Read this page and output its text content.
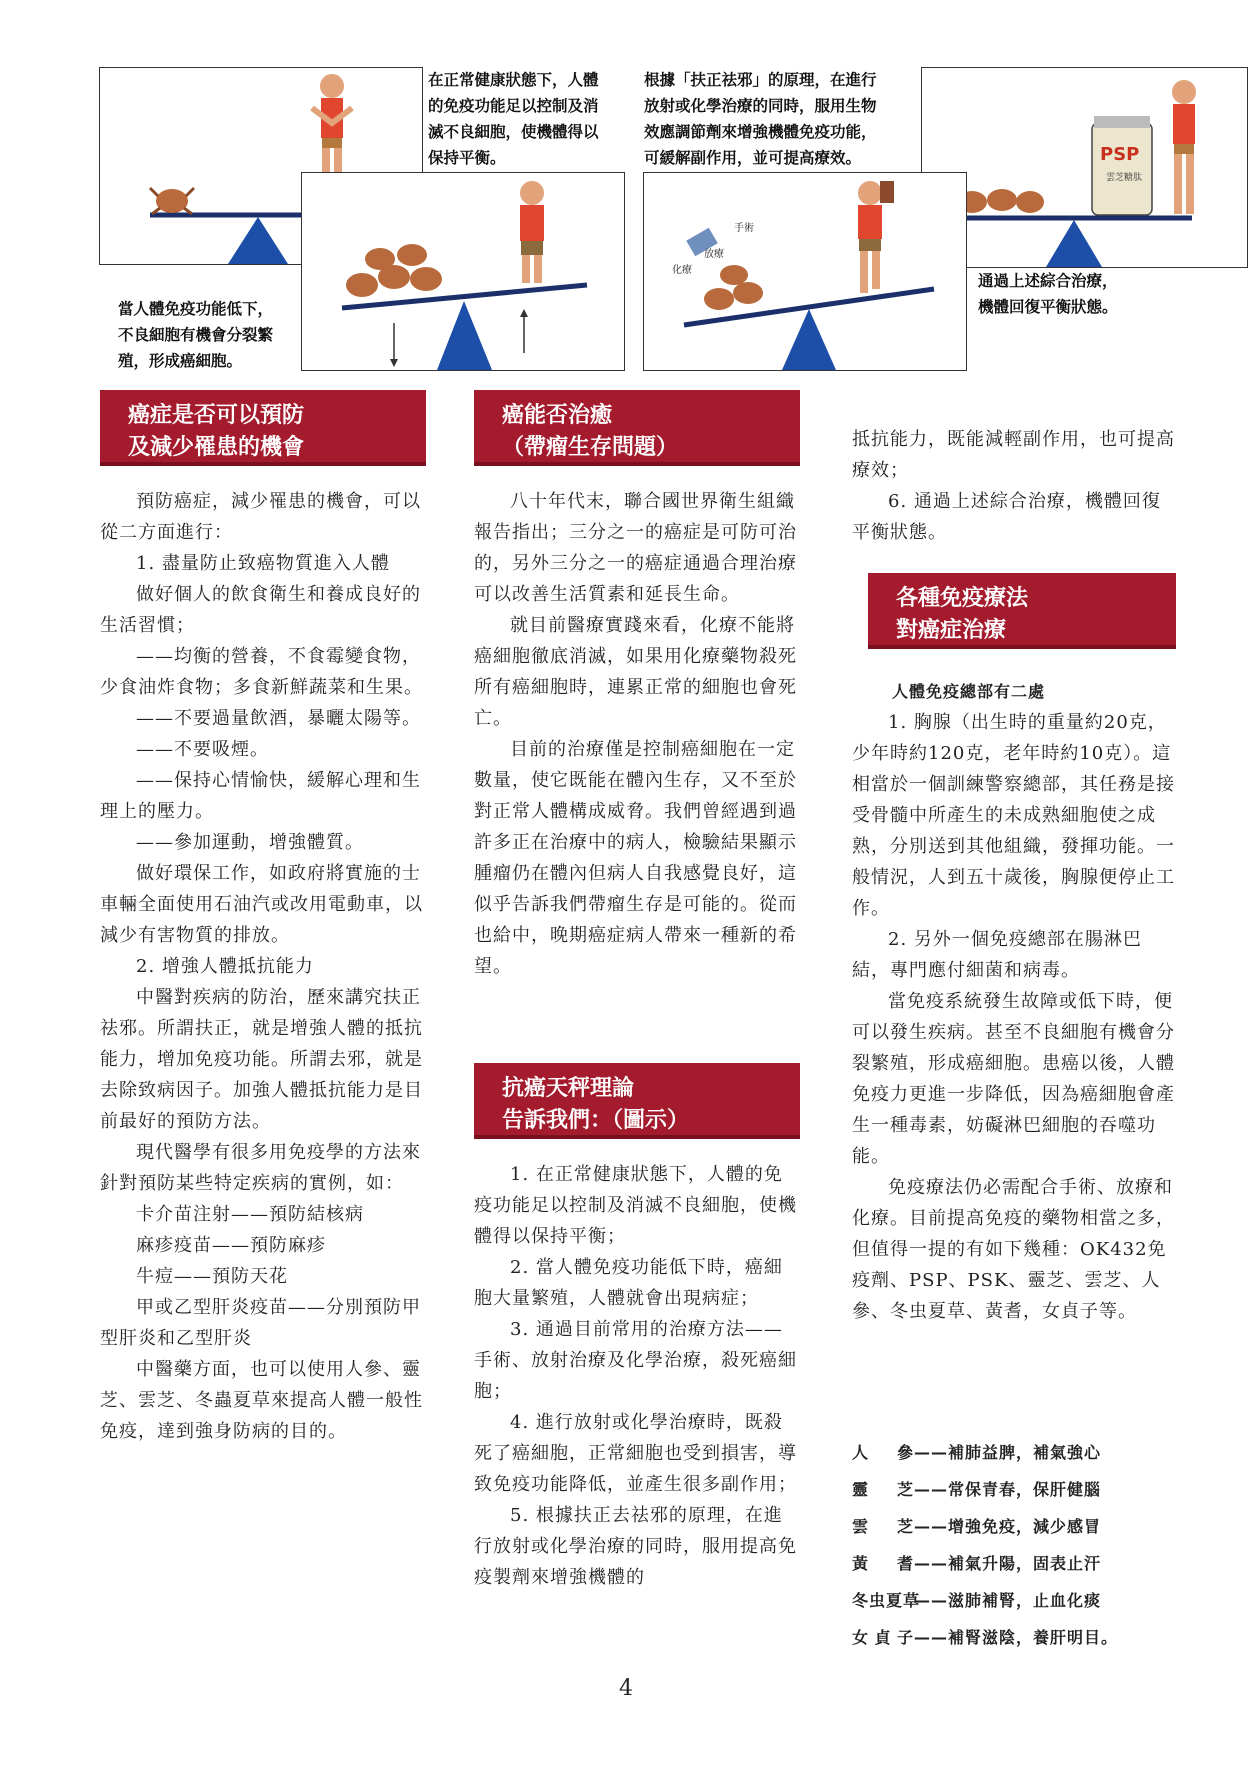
在正常健康狀態下，人體
的免疫功能足以控制及消
滅不良細胞，使機體得以
保持平衡。
根據「扶正祛邪」的原理，在進行
放射或化學治療的同時，服用生物
效應調節劑來增強機體免疫功能，
可緩解副作用，並可提高療效。	PSP
雲芝糖肽
當人體免疫功能低下，
不良細胞有機會分裂繁
殖，形成癌細胞。
手術
放療
化療
通過上述綜合治療，
機體回復平衡狀態。
癌症是否可以預防
及減少罹患的機會
癌能否治癒
（帶瘤生存問題）
抗癌天秤理論
告訴我們：（圖示）
各種免疫療法
對癌症治療

預防癌症，減少罹患的機會，可以從二方面進行：

1. 盡量防止致癌物質進入人體

做好個人的飲食衛生和養成良好的生活習慣；

——均衡的營養，不食霉變食物，少食油炸食物；多食新鮮蔬菜和生果。

——不要過量飲酒，暴曬太陽等。

——不要吸煙。

——保持心情愉快，緩解心理和生理上的壓力。

——參加運動，增強體質。

做好環保工作，如政府將實施的士車輛全面使用石油汽或改用電動車，以減少有害物質的排放。

2. 增強人體抵抗能力

中醫對疾病的防治，歷來講究扶正祛邪。所謂扶正，就是增強人體的抵抗能力，增加免疫功能。所謂去邪，就是去除致病因子。加強人體抵抗能力是目前最好的預防方法。

現代醫學有很多用免疫學的方法來針對預防某些特定疾病的實例，如：

卡介苗注射——預防結核病

麻疹疫苗——預防麻疹

牛痘——預防天花

甲或乙型肝炎疫苗——分別預防甲型肝炎和乙型肝炎

中醫藥方面，也可以使用人參、靈芝、雲芝、冬蟲夏草來提高人體一般性免疫，達到強身防病的目的。

八十年代末，聯合國世界衛生組織報告指出；三分之一的癌症是可防可治的，另外三分之一的癌症通過合理治療可以改善生活質素和延長生命。

就目前醫療實踐來看，化療不能將癌細胞徹底消滅，如果用化療藥物殺死所有癌細胞時，連累正常的細胞也會死亡。

目前的治療僅是控制癌細胞在一定數量，使它既能在體內生存，又不至於對正常人體構成威脅。我們曾經遇到過許多正在治療中的病人，檢驗結果顯示腫瘤仍在體內但病人自我感覺良好，這似乎告訴我們帶瘤生存是可能的。從而也給中，晚期癌症病人帶來一種新的希望。

1. 在正常健康狀態下，人體的免疫功能足以控制及消滅不良細胞，使機體得以保持平衡；

2. 當人體免疫功能低下時，癌細胞大量繁殖，人體就會出現病症；

3. 通過目前常用的治療方法——手術、放射治療及化學治療，殺死癌細胞；

4. 進行放射或化學治療時，既殺死了癌細胞，正常細胞也受到損害，導致免疫功能降低，並產生很多副作用；

5. 根據扶正去祛邪的原理，在進行放射或化學治療的同時，服用提高免疫製劑來增強機體的

抵抗能力，既能減輕副作用，也可提高療效；

6. 通過上述綜合治療，機體回復平衡狀態。

人體免疫總部有二處

1. 胸腺（出生時的重量約20克，少年時約120克，老年時約10克）。這相當於一個訓練警察總部，其任務是接受骨髓中所產生的未成熟細胞使之成熟，分別送到其他組織，發揮功能。一般情況，人到五十歲後，胸腺便停止工作。

2. 另外一個免疫總部在腸淋巴結，專門應付細菌和病毒。

當免疫系統發生故障或低下時，便可以發生疾病。甚至不良細胞有機會分裂繁殖，形成癌細胞。患癌以後，人體免疫力更進一步降低，因為癌細胞會產生一種毒素，妨礙淋巴細胞的吞噬功能。

免疫療法仍必需配合手術、放療和化療。目前提高免疫的藥物相當之多，但值得一提的有如下幾種：OK432免疫劑、PSP、PSK、靈芝、雲芝、人參、冬虫夏草、黃耆，女貞子等。

人參——補肺益脾，補氣強心
靈芝——常保青春，保肝健腦
雲芝——增強免疫，減少感冒
黃耆——補氣升陽，固表止汗
冬虫夏草——滋肺補腎，止血化痰
女貞子——補腎滋陰，養肝明目。
4
